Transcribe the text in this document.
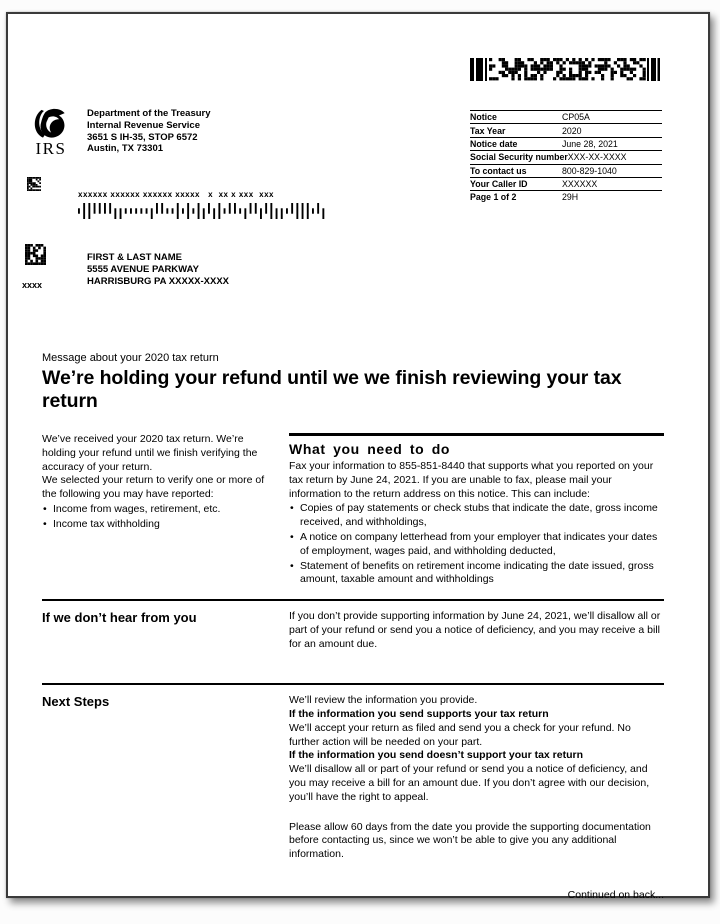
IRS
Department of the Treasury
Internal Revenue Service
3651 S IH-35, STOP 6572
Austin, TX 73301
Notice	CP05A
Tax Year	2020
Notice date	June 28, 2021
Social Security number XXX-XX-XXXX
To contact us	800-829-1040
Your Caller ID	XXXXXX
Page 1 of 2	29H
xxxxxx xxxxxx xxxxxx xxxxx   x  xx x xxx  xxx
xxxx
FIRST & LAST NAME
5555 AVENUE PARKWAY
HARRISBURG PA XXXXX-XXXX
Message about your 2020 tax return
We’re holding your refund until we we finish reviewing your tax return

We’ve received your 2020 tax return. We’re holding your refund until we finish verifying the accuracy of your return.

We selected your return to verify one or more of the following you may have reported:

• Income from wages, retirement, etc.
• Income tax withholding
What you need to do

Fax your information to 855-851-8440 that supports what you reported on your tax return by June 24, 2021. If you are unable to fax, please mail your information to the return address on this notice. This can include:

• Copies of pay statements or check stubs that indicate the date, gross income received, and withholdings,
• A notice on company letterhead from your employer that indicates your dates of employment, wages paid, and withholding deducted,
• Statement of benefits on retirement income indicating the date issued, gross amount, taxable amount and withholdings
If we don’t hear from you	If you don’t provide supporting information by June 24, 2021, we’ll disallow all or part of your refund or send you a notice of deficiency, and you may receive a bill for an amount due.

Next Steps	We’ll review the information you provide.

If the information you send supports your tax return

We’ll accept your return as filed and send you a check for your refund. No further action will be needed on your part.

If the information you send doesn’t support your tax return

We’ll disallow all or part of your refund or send you a notice of deficiency, and you may receive a bill for an amount due. If you don’t agree with our decision, you’ll have the right to appeal.

Please allow 60 days from the date you provide the supporting documentation before contacting us, since we won’t be able to give you any additional information.

Continued on back...
